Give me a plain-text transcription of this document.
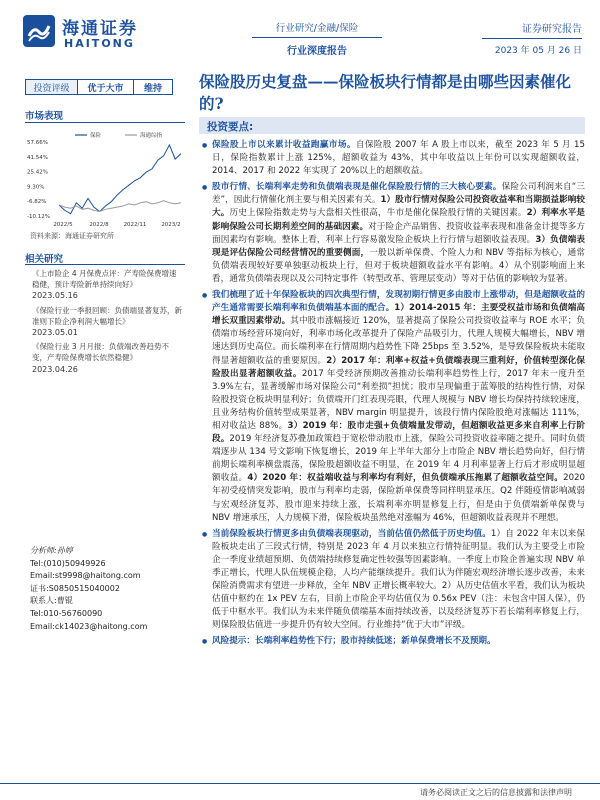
海通证券
HAITONG
行业研究/金融/保险
行业深度报告
证券研究报告
2023 年 05 月 26 日
投资评级	优于大市	维持	保险股历史复盘——保险板块行情都是由哪些因素催化的?
市场表现
57.66%
41.54%
25.42%
9.30%
-6.82%
-10.12%
2022/5	2022/8	2022/11	2023/2
保险	海通综指
资料来源：海通证券研究所
相关研究
《上市险企 4 月保费点评：产寿险保费增速稳健，预计寿险新单持续向好》
2023.05.16
《保险行业一季报回顾：负债端显著复苏，新准则下险企净利润大幅增长》
2023.05.01
《保险行业 3 月月报：负债端改善趋势不变，产寿险保费增长依然稳健》
2023.04.26
分析师:孙婷
Tel:(010)50949926
Email:st9998@haitong.com
证书:S0850515040002
联系人:曹锟
Tel:010-56760090
Email:ck14023@haitong.com
投资要点:

● 保险股上市以来累计收益跑赢市场。自保险股 2007 年 A 股上市以来，截至 2023 年 5 月 15 日，保险指数累计上涨 125%，超额收益为 43%，其中年收益以上年份可以实现超额收益，2014、2017 和 2022 年实现了 20%以上的超额收益。

● 股市行情、长端利率走势和负债端表现是催化保险股行情的三大核心要素。保险公司利润来自“三差”，因此行情催化剂主要与相关因素有关。1）股市行情对保险公司投资收益率和当期损益影响较大。历史上保险指数走势与大盘相关性很高，牛市是催化保险股行情的关键因素。2）利率水平是影响保险公司长期利差空间的基础因素。对于险企产品销售、投资收益率表现和准备金计提等多方面因素均有影响。整体上看，利率上行容易激发险企板块上行行情与超额收益表现。3）负债端表现是评估保险公司经营情况的重要侧面，一般以新单保费、个险人力和 NBV 等指标为核心，通常负债端表现较好要单独驱动板块上行，但对于板块超额收益水平有影响。4）从个别影响面上来看，通常负债端表现以及公司特定事件（转型改革、管理层变动）等对于估值的影响较为显著。

● 我们梳理了近十年保险板块的四次典型行情，发现初期行情更多由股市上涨带动，但是超额收益的产生通常需要长端利率和负债端基本面的配合。1）2014-2015 年：主要受权益市场和负债端高增长双重因素带动。其中股市涨幅接近 120%，显著提高了保险公司投资收益率与 ROE 水平；负债端市场经营环境向好，利率市场化改革提升了保险产品吸引力，代理人规模大幅增长，NBV 增速达到历史高位。而长端利率在行情周期内趋势性下降 25bps 至 3.52%，是导致保险板块未能取得显著超额收益的重要原因。2）2017 年：利率+权益+负债端表现三重利好，价值转型深化保险股出显著超额收益。2017 年受经济预期改善推动长端利率趋势性上行，2017 年末一度升至 3.9%左右，显著缓解市场对保险公司“利差损”担忧；股市呈现偏重于蓝筹股的结构性行情，对保险股投资仓板块明显利好；负债端开门红表现亮眼，代理人规模与 NBV 增长均保持持续较速度，且业务结构价值转型成果显著，NBV margin 明显提升，该段行情内保险股绝对涨幅达 111%，相对收益达 88%。3）2019 年：股市走强+负债端量发带动，但超额收益更多来自利率上行阶段。2019 年经济复苏叠加政策趋于宽松带动股市上涨，保险公司投资收益率随之提升。同时负债端逐步从 134 号文影响下恢复增长，2019 年上半年大部分上市险企 NBV 增长趋势向好，但行情前期长端利率横盘震荡，保险股超额收益不明显，在 2019 年 4 月利率显著上行后才形成明显超额收益。4）2020 年：权益端收益与利率均有利好，但负债端承压拖累了超额收益空间。2020 年初受疫情突发影响，股市与利率均走弱，保险新单保费等同样明显承压。Q2 伴随疫情影响减弱与宏观经济复苏，股市迎来持续上涨，长端利率亦明显修复上行，但是由于负债端新单保费与 NBV 增速承压，人力规模下滑，保险板块虽然绝对涨幅为 46%，但超额收益表现并不理想。

● 当前保险板块行情更多由负债端表现驱动，当前估值仍然低于历史均值。1）自 2022 年末以来保险板块走出了三段式行情，特别是 2023 年 4 月以来独立行情特征明显。我们认为主要受上市险企一季度业绩超预期、负债端持续修复确定性较强等因素影响。一季度上市险企普遍实现 NBV 单季正增长，代理人队伍规模企稳，人均产能继续提升。我们认为伴随宏观经济增长逐步改善，未来保险消费需求有望进一步释放，全年 NBV 正增长概率较大。2）从历史估值水平看，我们认为板块估值中枢约在 1x PEV 左右，目前上市险企平均估值仅为 0.56x PEV（注：未包含中国人保），仍低于中枢水平。我们认为未来伴随负债端基本面持续改善，以及经济复苏下若长端利率修复上行，则保险股估值进一步提升仍有较大空间。行业维持“优于大市”评级。

● 风险提示：长端利率趋势性下行；股市持续低迷；新单保费增长不及预期。

请务必阅读正文之后的信息披露和法律声明
